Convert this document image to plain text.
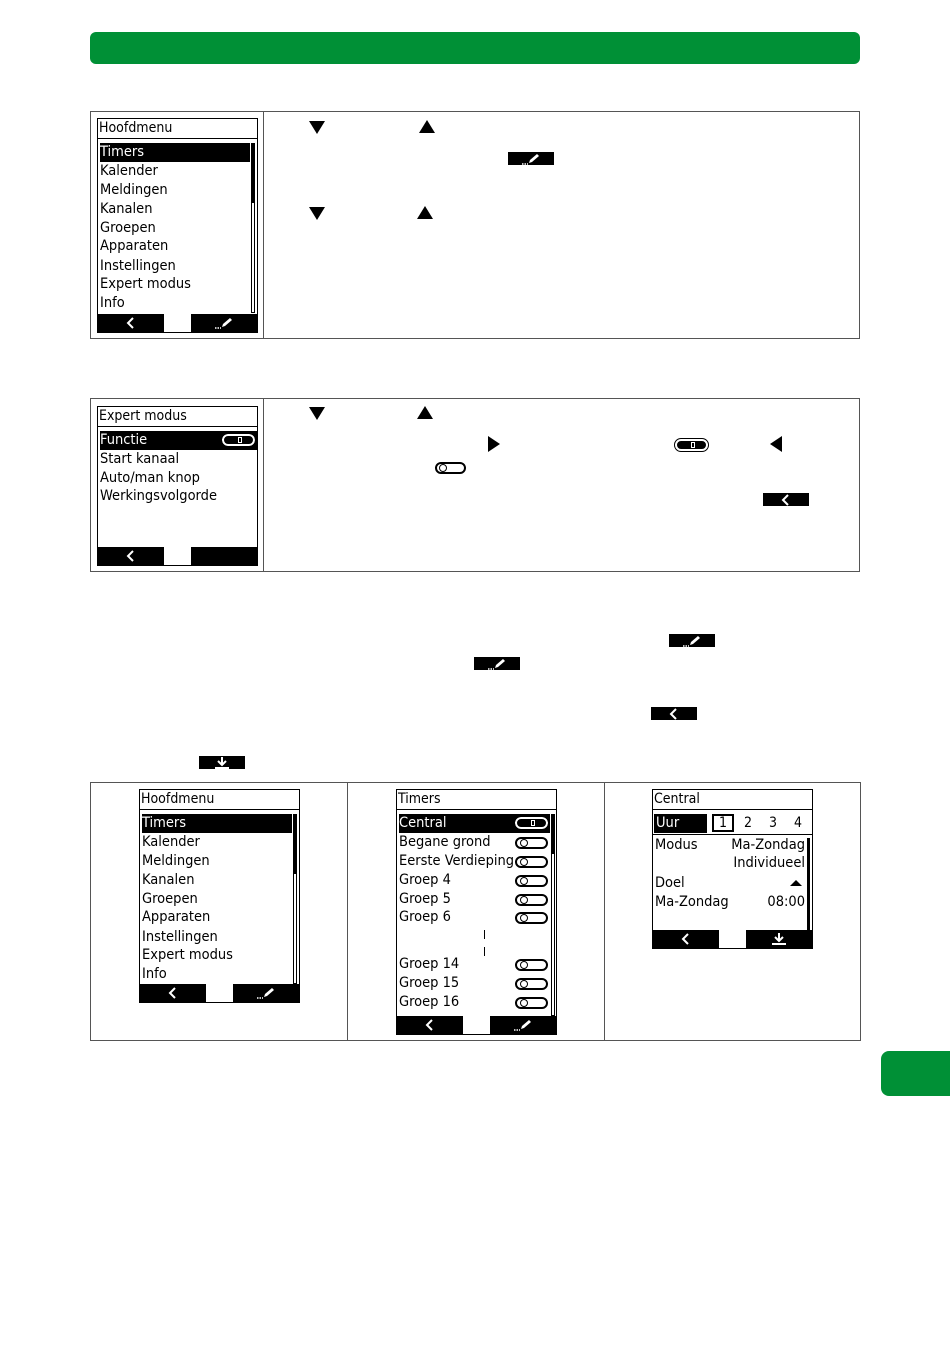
Hoofdmenu
Timers
Kalender
Meldingen
Kanalen
Groepen
Apparaten
Instellingen
Expert modus
Info
Expert modus
Functie
Start kanaal
Auto/man knop
Werkingsvolgorde
Hoofdmenu
Timers
Kalender
Meldingen
Kanalen
Groepen
Apparaten
Instellingen
Expert modus
Info
Timers
Central
Begane grond
Eerste Verdieping
Groep 4
Groep 5
Groep 6
Groep 14
Groep 15
Groep 16
Central
Uur	1	2 3 4
Modus Ma-Zondag
Individueel
Doel
Ma-Zondag	08:00
